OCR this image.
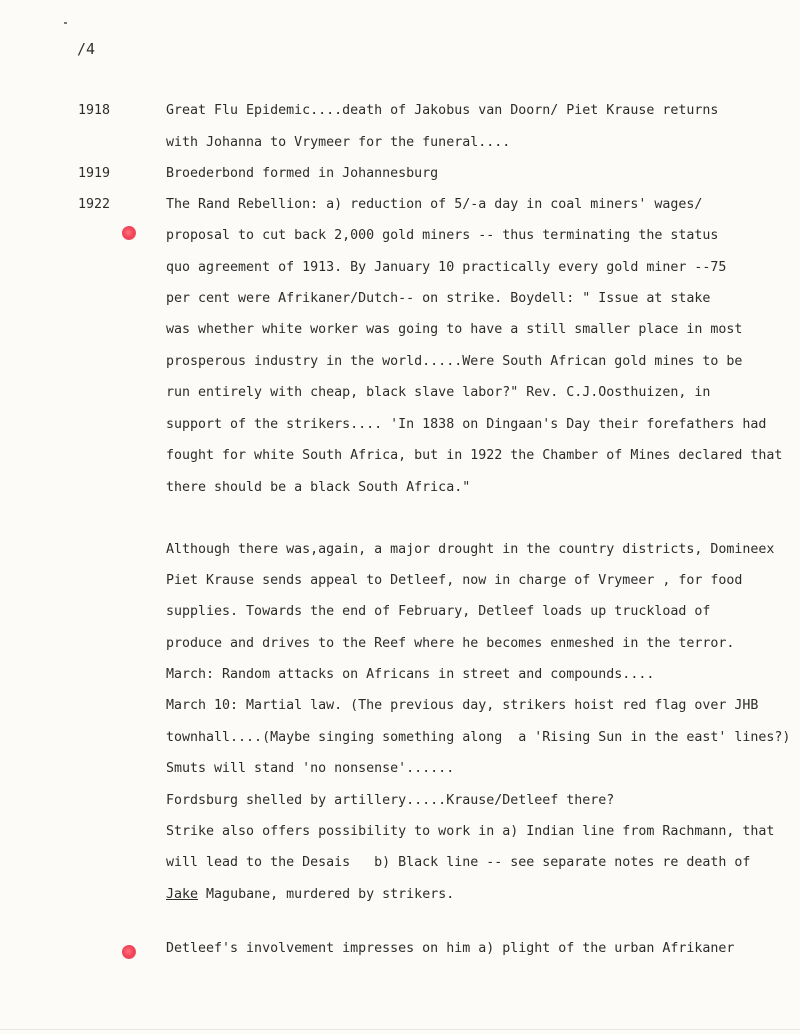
/4
1918
1919
1922
Great Flu Epidemic....death of Jakobus van Doorn/ Piet Krause returns
with Johanna to Vrymeer for the funeral....
Broederbond formed in Johannesburg
The Rand Rebellion: a) reduction of 5/-a day in coal miners' wages/
proposal to cut back 2,000 gold miners -- thus terminating the status
quo agreement of 1913. By January 10 practically every gold miner --75
per cent were Afrikaner/Dutch-- on strike. Boydell: " Issue at stake
was whether white worker was going to have a still smaller place in most
prosperous industry in the world.....Were South African gold mines to be
run entirely with cheap, black slave labor?" Rev. C.J.Oosthuizen, in
support of the strikers.... 'In 1838 on Dingaan's Day their forefathers had
fought for white South Africa, but in 1922 the Chamber of Mines declared that
there should be a black South Africa."
Although there was,again, a major drought in the country districts, Domineex
Piet Krause sends appeal to Detleef, now in charge of Vrymeer , for food
supplies. Towards the end of February, Detleef loads up truckload of
produce and drives to the Reef where he becomes enmeshed in the terror.
March: Random attacks on Africans in street and compounds....
March 10: Martial law. (The previous day, strikers hoist red flag over JHB
townhall....(Maybe singing something along  a 'Rising Sun in the east' lines?)
Smuts will stand 'no nonsense'......
Fordsburg shelled by artillery.....Krause/Detleef there?
Strike also offers possibility to work in a) Indian line from Rachmann, that
will lead to the Desais   b) Black line -- see separate notes re death of
Jake Magubane, murdered by strikers.
Detleef's involvement impresses on him a) plight of the urban Afrikaner
